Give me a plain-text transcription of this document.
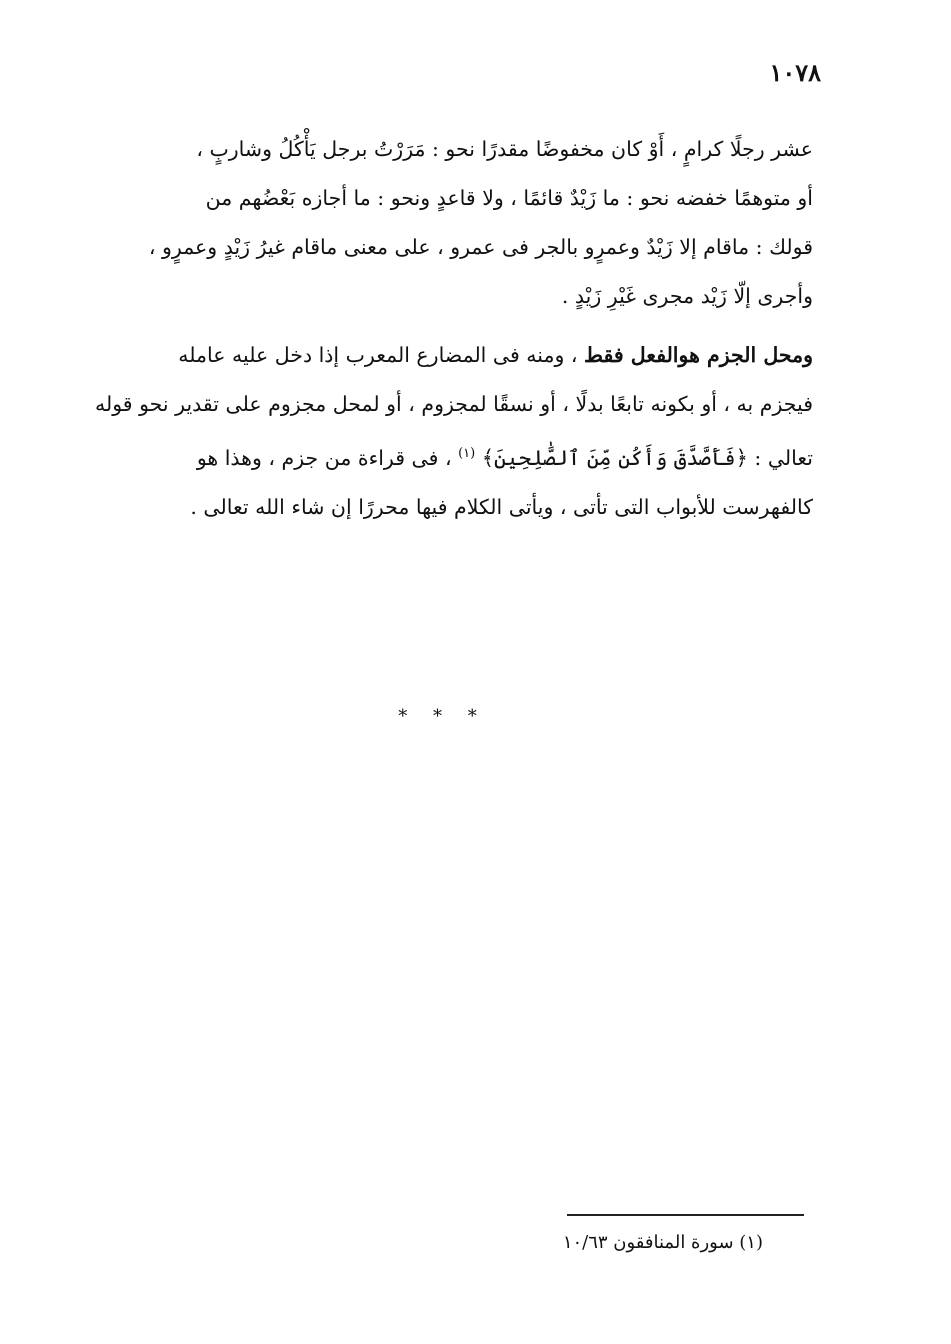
١٠٧٨

عشر رجلًا كرامٍ ، أَوْ كان مخفوضًا مقدرًا نحو : مَرَرْتُ برجل يَأْكُلُ وشاربٍ ،
أو متوهمًا خفضه نحو : ما زَيْدٌ قائمًا ، ولا قاعدٍ ونحو : ما أجازه بَعْضُهم من
قولك : ماقام إلا زَيْدٌ وعمرٍو بالجر فى عمرو ، على معنى ماقام غيرُ زَيْدٍ وعمرٍو ،
وأجرى إلّا زَيْد مجرى غَيْرِ زَيْدٍ .

ومحل الجزم هوالفعل فقط ، ومنه فى المضارع المعرب إذا دخل عليه عامله
فيجزم به ، أو بكونه تابعًا بدلًا ، أو نسقًا لمجزوم ، أو لمحل مجزوم على تقدير نحو قوله
تعالي : ﴿فَأَصَّدَّقَ وَأَكُن مِّنَ ٱلصَّٰلِحِينَ﴾ $^{(١)}$ ، فى قراءة من جزم ، وهذا هو
كالفهرست للأبواب التى تأتى ، ويأتى الكلام فيها محررًا إن شاء الله تعالى .

* * *
(١) سورة المنافقون ١٠/٦٣
